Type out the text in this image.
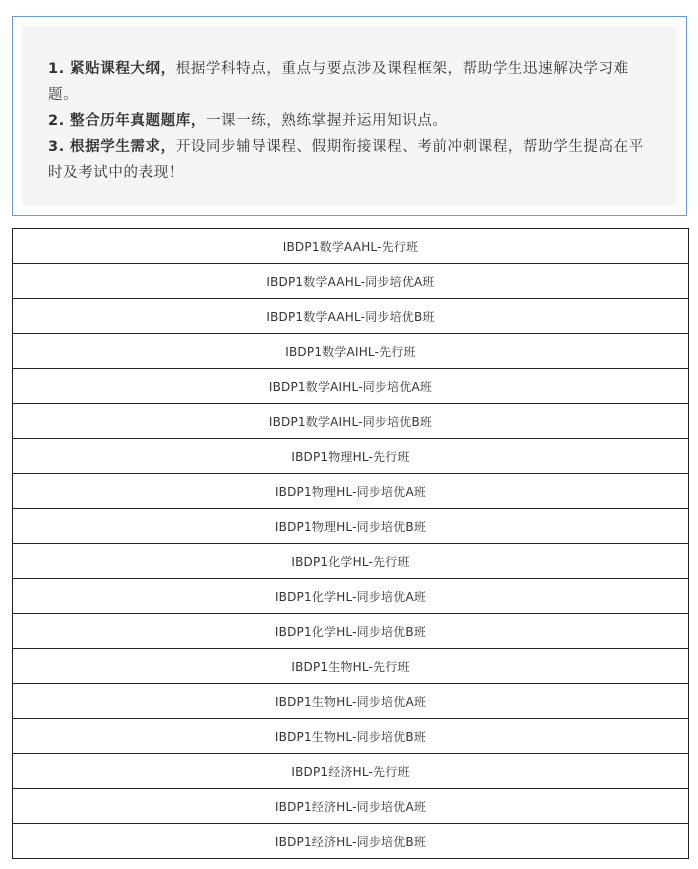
1. 紧贴课程大纲，根据学科特点，重点与要点涉及课程框架，帮助学生迅速解决学习难题。

2. 整合历年真题题库，一课一练，熟练掌握并运用知识点。

3. 根据学生需求，开设同步辅导课程、假期衔接课程、考前冲刺课程，帮助学生提高在平时及考试中的表现！

IBDP1数学AAHL-先行班
IBDP1数学AAHL-同步培优A班
IBDP1数学AAHL-同步培优B班
IBDP1数学AIHL-先行班
IBDP1数学AIHL-同步培优A班
IBDP1数学AIHL-同步培优B班
IBDP1物理HL-先行班
IBDP1物理HL-同步培优A班
IBDP1物理HL-同步培优B班
IBDP1化学HL-先行班
IBDP1化学HL-同步培优A班
IBDP1化学HL-同步培优B班
IBDP1生物HL-先行班
IBDP1生物HL-同步培优A班
IBDP1生物HL-同步培优B班
IBDP1经济HL-先行班
IBDP1经济HL-同步培优A班
IBDP1经济HL-同步培优B班
